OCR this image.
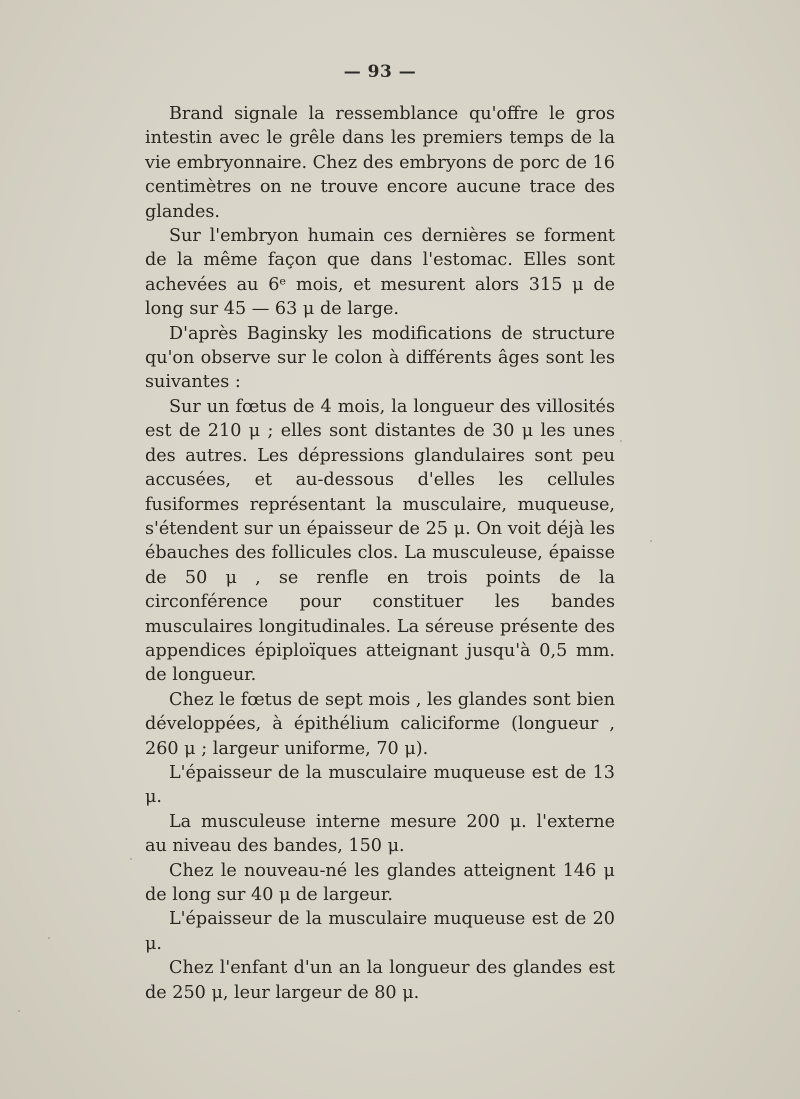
— 93 —

Brand signale la ressemblance qu'offre le gros intestin avec le grêle dans les premiers temps de la vie embryonnaire. Chez des embryons de porc de 16 centimètres on ne trouve encore aucune trace des glandes.

Sur l'embryon humain ces dernières se forment de la même façon que dans l'estomac. Elles sont achevées au 6ᵉ mois, et mesurent alors 315 μ de long sur 45 — 63 μ de large.

D'après Baginsky les modifications de structure qu'on observe sur le colon à différents âges sont les suivantes :

Sur un fœtus de 4 mois, la longueur des villosités est de 210 μ ; elles sont distantes de 30 μ les unes des autres. Les dépressions glandulaires sont peu accusées, et au-dessous d'elles les cellules fusiformes représentant la musculaire, muqueuse, s'étendent sur un épaisseur de 25 μ. On voit déjà les ébauches des follicules clos. La musculeuse, épaisse de 50 μ , se renfle en trois points de la circonférence pour constituer les bandes musculaires longitudinales. La séreuse présente des appendices épiploïques atteignant jusqu'à 0,5 mm. de longueur.

Chez le fœtus de sept mois , les glandes sont bien développées, à épithélium caliciforme (longueur , 260 μ ; largeur uniforme, 70 μ).

L'épaisseur de la musculaire muqueuse est de 13 μ.

La musculeuse interne mesure 200 μ. l'externe au niveau des bandes, 150 μ.

Chez le nouveau-né les glandes atteignent 146 μ de long sur 40 μ de largeur.

L'épaisseur de la musculaire muqueuse est de 20 μ.

Chez l'enfant d'un an la longueur des glandes est de 250 μ, leur largeur de 80 μ.
